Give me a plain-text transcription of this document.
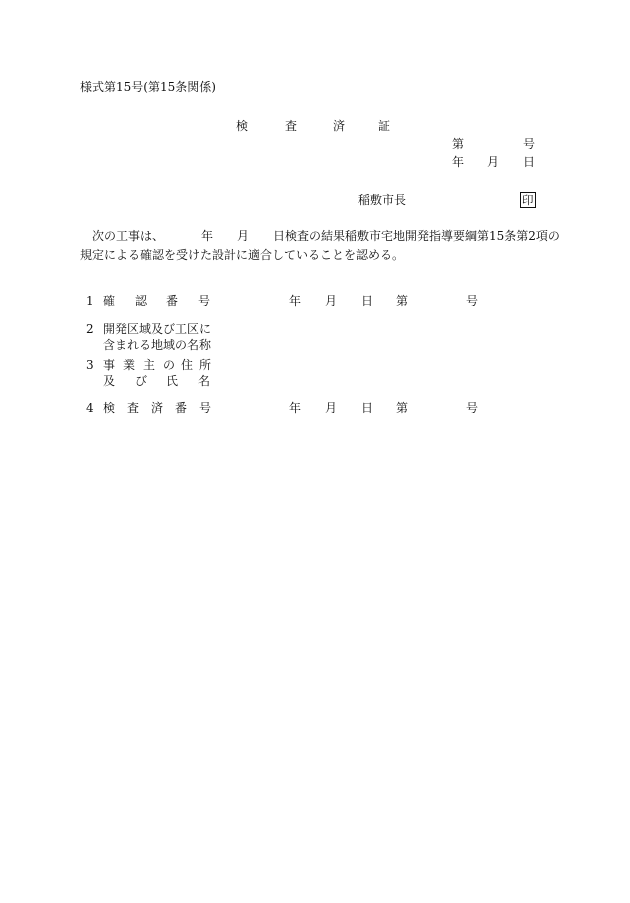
様式第15号(第15条関係)
検	査	済	証
第	号
年 月 日
稲敷市長	印
次の工事は、	年 月 日検査の結果稲敷市宅地開発指導要綱第15条第2項の
規定による確認を受けた設計に適合していることを認める。
1 確 認 番 号	年 月 日 第	号
2 開発区域及び工区に
含まれる地域の名称
3 事 業 主 の 住 所
及 び 氏 名
4 検 査 済 番 号	年 月 日 第	号
